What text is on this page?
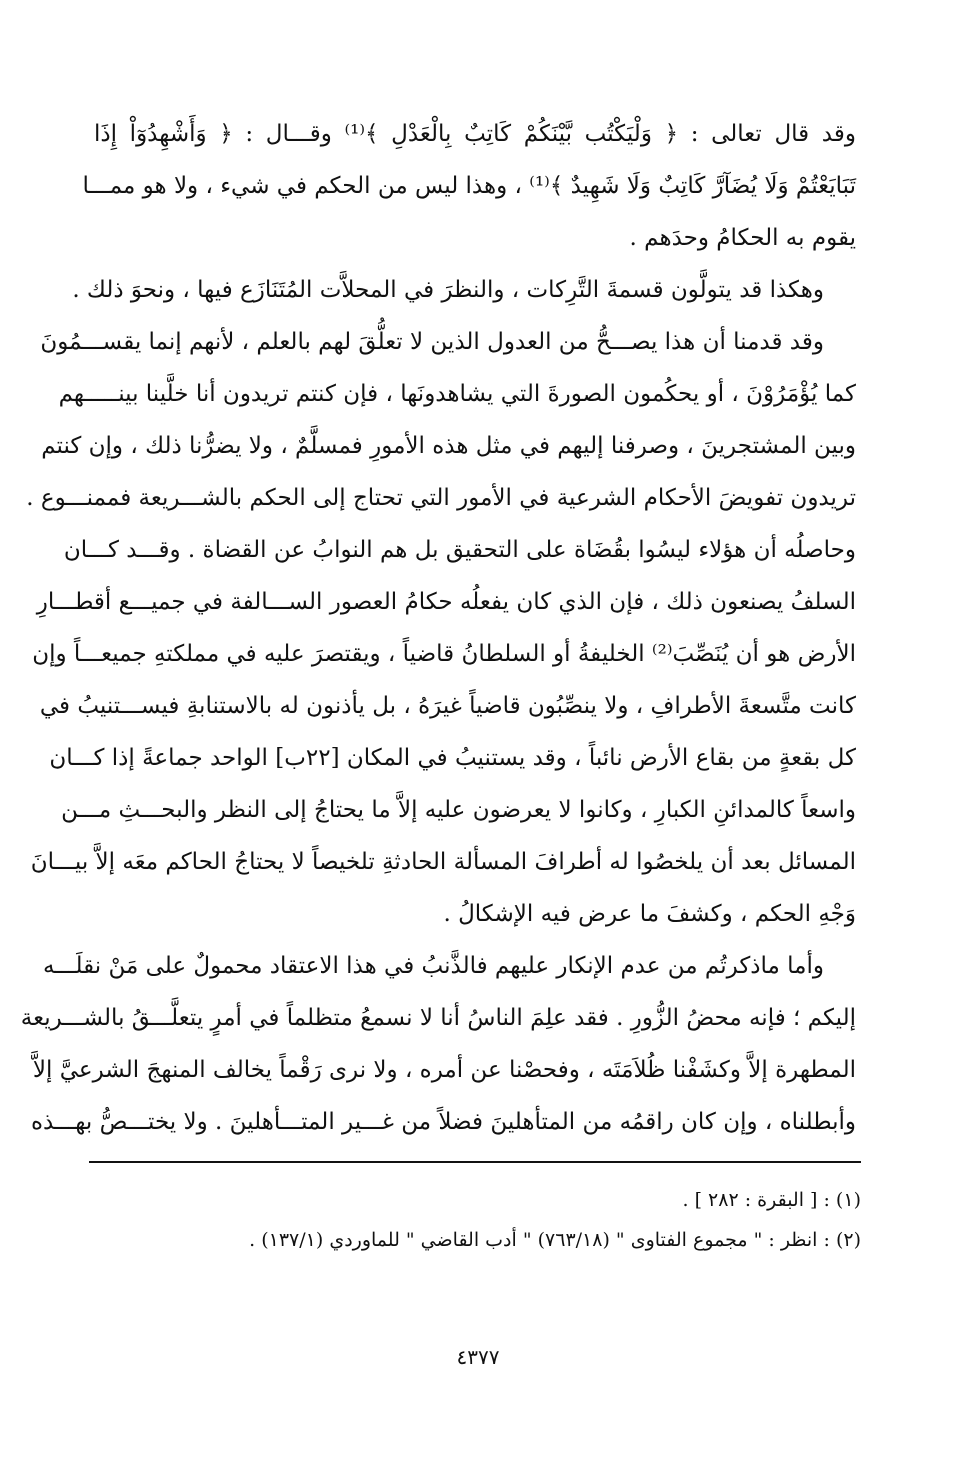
وقد قال تعالى : ﴿ وَلْيَكْتُب بَّيْنَكُمْ كَاتِبٌ بِالْعَدْلِ ﴾⁽¹⁾ وقـــال : ﴿ وَأَشْهِدُوٓاْ إِذَا
تَبَايَعْتُمْ وَلَا يُضَآرَّ كَاتِبٌ وَلَا شَهِيدٌ ﴾⁽¹⁾ ، وهذا ليس من الحكم في شيء ، ولا هو ممـــا
يقوم به الحكامُ وحدَهم .
وهكذا قد يتولَّون قسمةَ التَّرِكات ، والنظرَ في المحلاَّت المُتَنَازَع فيها ، ونحوَ ذلك .
وقد قدمنا أن هذا يصـــحُّ من العدول الذين لا تعلُّقَ لهم بالعلم ، لأنهم إنما يقســـمُونَ
كما يُؤْمَرُوْنَ ، أو يحكُمون الصورةَ التي يشاهدونَها ، فإن كنتم تريدون أنا خلَّينا بينـــــهم
وبين المشتجرينَ ، وصرفنا إليهم في مثل هذه الأمورِ فمسلَّمٌ ، ولا يضرُّنا ذلك ، وإن كنتم
تريدون تفويضَ الأحكام الشرعية في الأمور التي تحتاج إلى الحكم بالشـــريعة فممنـــوع .
وحاصلُه أن هؤلاء ليسُوا بقُضَاة على التحقيق بل هم النوابُ عن القضاة . وقـــد كـــان
السلفُ يصنعون ذلك ، فإن الذي كان يفعلُه حكامُ العصور الســـالفة في جميـــع أقطـــارِ
الأرض هو أن يُنَصِّبَ⁽²⁾ الخليفةُ أو السلطانُ قاضياً ، ويقتصرَ عليه في مملكتهِ جميعـــاً وإن
كانت متَّسعةَ الأطرافِ ، ولا ينصِّبُون قاضياً غيرَهُ ، بل يأذنون له بالاستنابةِ فيســـتنيبُ في
كل بقعةٍ من بقاع الأرض نائباً ، وقد يستنيبُ في المكان [٢٢ب] الواحد جماعةً إذا كـــان
واسعاً كالمدائنِ الكبارِ ، وكانوا لا يعرضون عليه إلاَّ ما يحتاجُ إلى النظر والبحـــثِ مـــن
المسائل بعد أن يلخصُوا له أطرافَ المسألة الحادثةِ تلخيصاً لا يحتاجُ الحاكم معَه إلاَّ بيـــانَ
وَجْهِ الحكم ، وكشفَ ما عرض فيه الإشكالُ .
وأما ماذكرتُم من عدم الإنكار عليهم فالذَّنبُ في هذا الاعتقاد محمولٌ على مَنْ نقلَـــه
إليكم ؛ فإنه محضُ الزُّورِ . فقد علِمَ الناسُ أنا لا نسمعُ متظلماً في أمرٍ يتعلَّـــقُ بالشـــريعة
المطهرة إلاَّ وكشَفْنا ظُلاَمَتَه ، وفحصْنا عن أمره ، ولا نرى رَقْماً يخالف المنهجَ الشرعيَّ إلاَّ
وأبطلناه ، وإن كان راقمُه من المتأهلينَ فضلاً من غـــير المتـــأهلينَ . ولا يختـــصُّ بهـــذه
(١) : [ البقرة : ٢٨٢ ] .
(٢) : انظر : " مجموع الفتاوى " (٧٦٣/١٨) " أدب القاضي " للماوردي (١٣٧/١) .
٤٣٧٧
